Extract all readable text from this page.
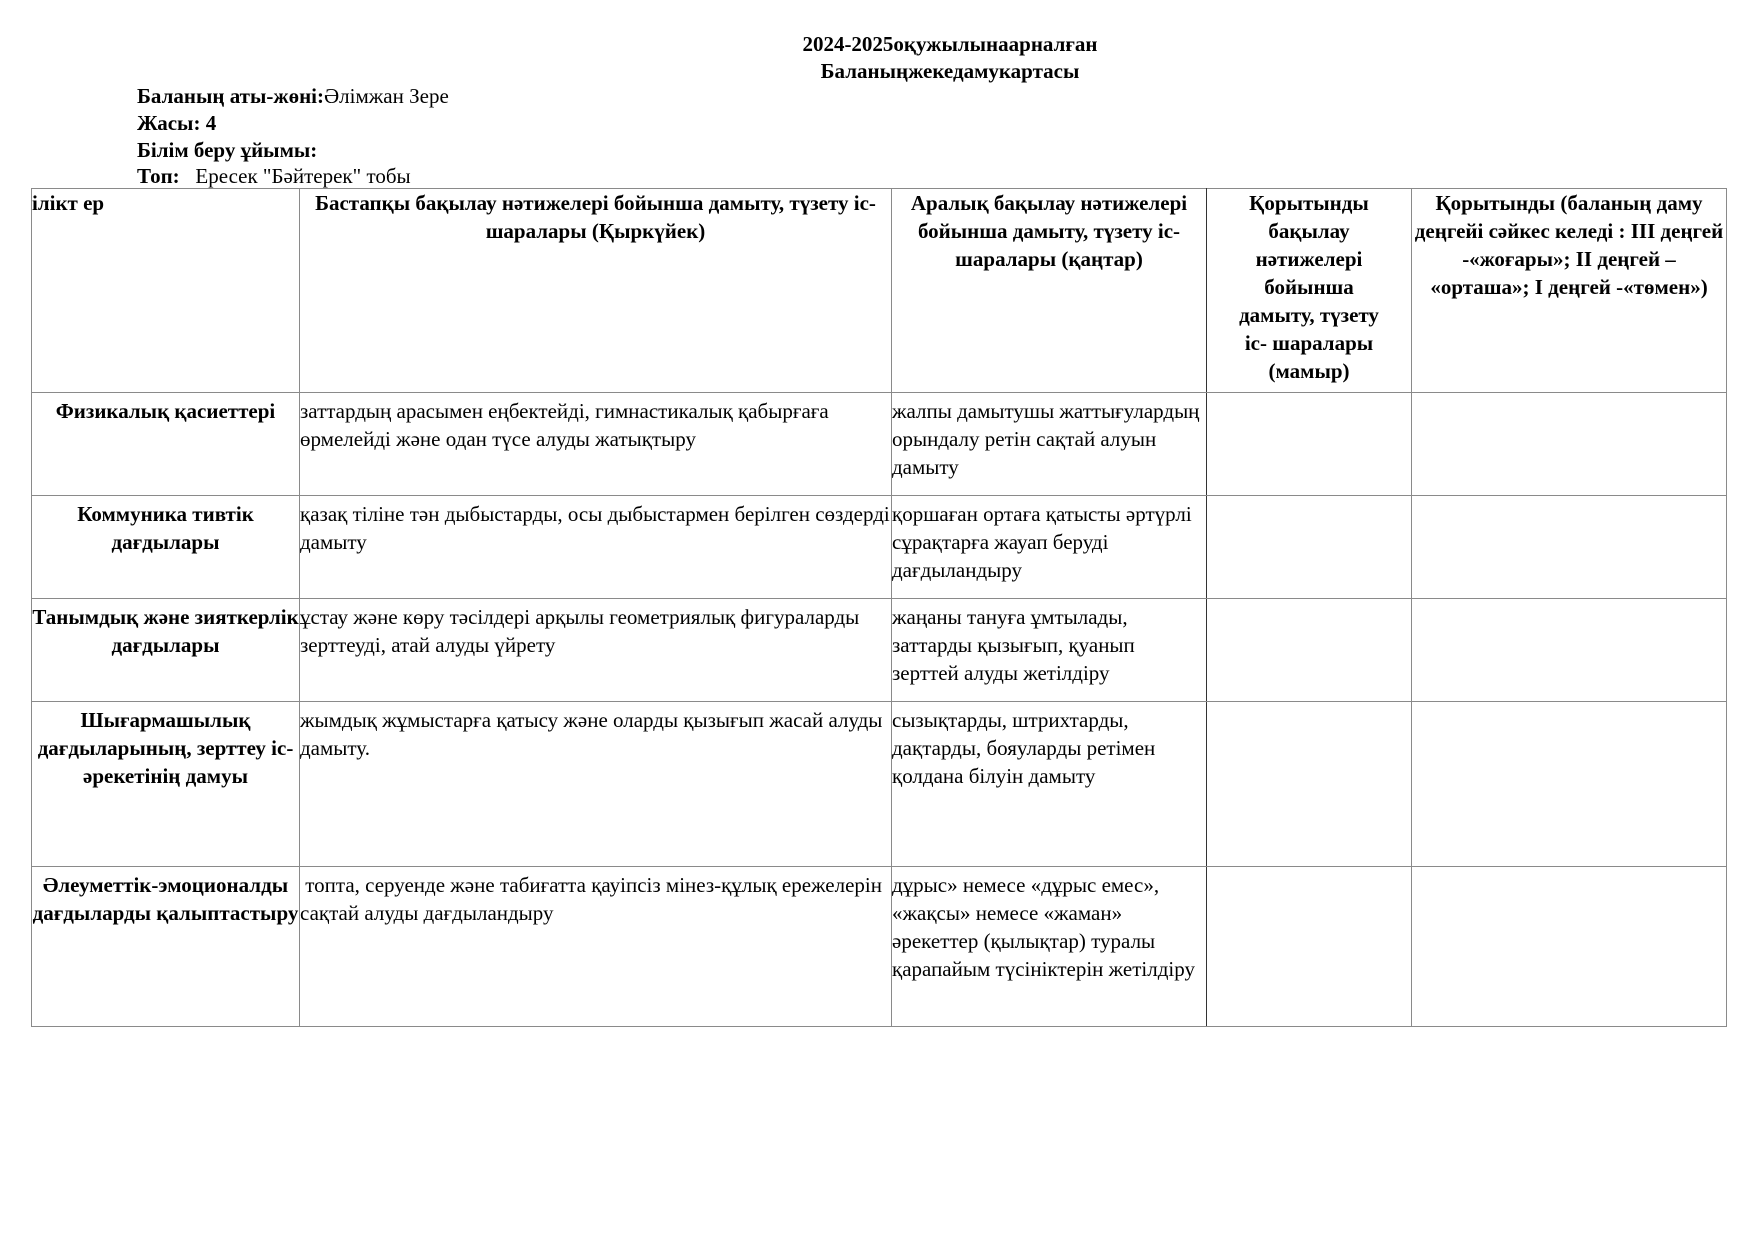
2024-2025оқужылынаарналған
Баланыңжекедамукартасы
Баланың аты-жөні:Әлімжан Зере
Жасы: 4
Білім беру ұйымы:
Топ: Ересек "Бәйтерек" тобы
ілікт ер	Бастапқы бақылау нәтижелері бойынша дамыту, түзету іс- шаралары (Қыркүйек)	Аралық бақылау нәтижелері бойынша дамыту, түзету іс-шаралары (қаңтар)	Қорытынды бақылау нәтижелері бойынша дамыту, түзету іс- шаралары (мамыр)	Қорытынды (баланың даму деңгейі сәйкес келеді : III деңгей -«жоғары»; II деңгей – «орташа»; I деңгей -«төмен»)
Физикалық қасиеттері	заттардың арасымен еңбектейді, гимнастикалық қабырғаға өрмелейді және одан түсе алуды жатықтыру	жалпы дамытушы жаттығулардың орындалу ретін сақтай алуын дамыту		
Коммуника тивтік дағдылары	қазақ тіліне тән дыбыстарды, осы дыбыстармен берілген сөздерді дамыту	қоршаған ортаға қатысты әртүрлі сұрақтарға жауап беруді дағдыландыру		
Танымдық және зияткерлік дағдылары	ұстау және көру тәсілдері арқылы геометриялық фигураларды зерттеуді, атай алуды үйрету	жаңаны тануға ұмтылады, заттарды қызығып, қуанып зерттей алуды жетілдіру		
Шығармашылық дағдыларының, зерттеу іс- әрекетінің дамуы	жымдық жұмыстарға қатысу және оларды қызығып жасай алуды дамыту.	сызықтарды, штрихтарды, дақтарды, бояуларды ретімен қолдана білуін дамыту		
Әлеуметтік-эмоционалды дағдыларды қалыптастыру	топта, серуенде және табиғатта қауіпсіз мінез-құлық ережелерін сақтай алуды дағдыландыру	дұрыс» немесе «дұрыс емес», «жақсы» немесе «жаман» әрекеттер (қылықтар) туралы қарапайым түсініктерін жетілдіру		
